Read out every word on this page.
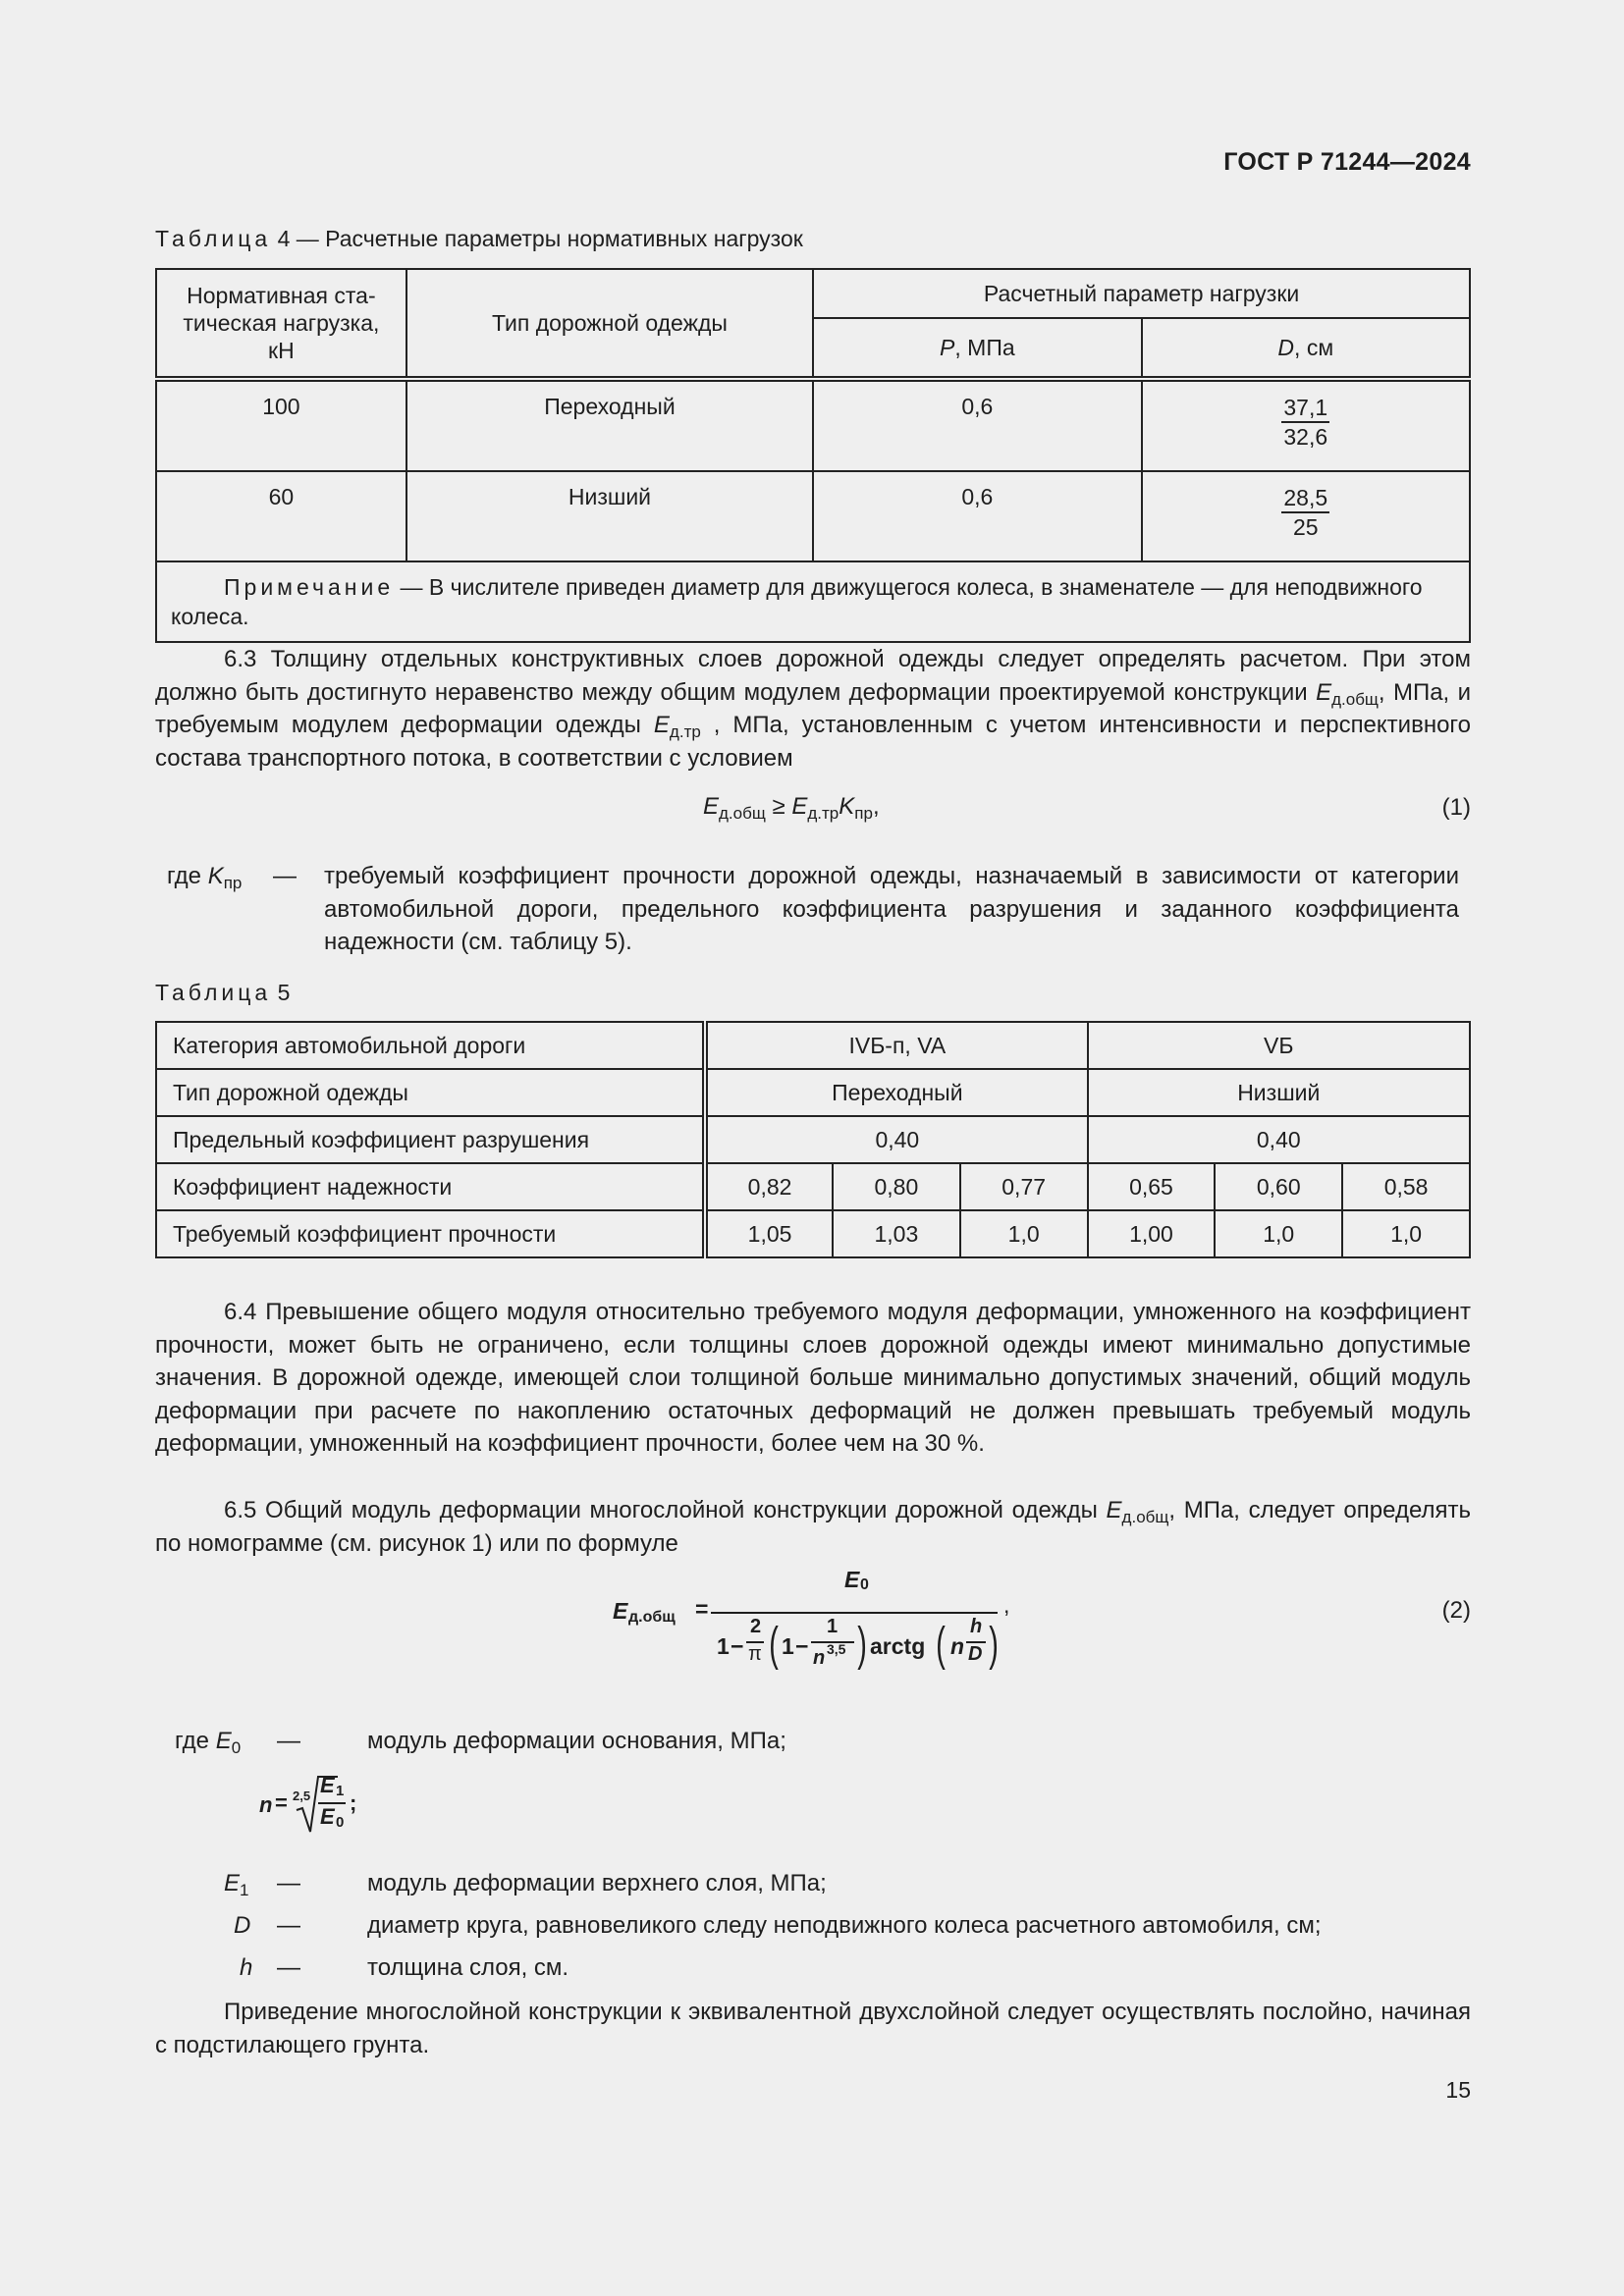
ГОСТ Р 71244—2024
Таблица 4 — Расчетные параметры нормативных нагрузок
Нормативная ста-
тическая нагрузка,
кН	Тип дорожной одежды	Расчетный параметр нагрузки	
		P, МПа	D, см
100	Переходный	0,6	$\frac{37,1}{32,6}$

60	Низший	0,6	$\frac{28,5}{25}$

Примечание — В числителе приведен диаметр для движущегося колеса, в знаменателе — для неподвижного колеса.			
6.3 Толщину отдельных конструктивных слоев дорожной одежды следует определять расчетом. При этом должно быть достигнуто неравенство между общим модулем деформации проектируемой конструкции $E_{д.общ}$, МПа, и требуемым модулем деформации одежды $E_{д.тр}$ , МПа, установленным с учетом интенсивности и перспективного состава транспортного потока, в соответствии с условием
$E_{д.общ} \ge E_{д.тр}K_{пр}$,	(1)
где $K_{пр}$ — требуемый коэффициент прочности дорожной одежды, назначаемый в зависимости от категории автомобильной дороги, предельного коэффициента разрушения и заданного коэффициента надежности (см. таблицу 5).
Таблица 5
Категория автомобильной дороги	IVБ-п, VA			VБ		
Тип дорожной одежды	Переходный			Низший		
Предельный коэффициент разрушения	0,40			0,40		
Коэффициент надежности	0,82	0,80	0,77	0,65	0,60	0,58
Требуемый коэффициент прочности	1,05	1,03	1,0	1,00	1,0	1,0
6.4 Превышение общего модуля относительно требуемого модуля деформации, умноженного на коэффициент прочности, может быть не ограничено, если толщины слоев дорожной одежды имеют минимально допустимые значения. В дорожной одежде, имеющей слои толщиной больше минимально допустимых значений, общий модуль деформации при расчете по накоплению остаточных деформаций не должен превышать требуемый модуль деформации, умноженный на коэффициент прочности, более чем на 30 %.
6.5 Общий модуль деформации многослойной конструкции дорожной одежды $E_{д.общ}$, МПа, следует определять по номограмме (см. рисунок 1) или по формуле
E д.общ =
E 0
1 −
2
π ( 1 −
1
n 3,5 ) arctg ( n
h
D )
,	(2)
где $E_0$ —	модуль деформации основания, МПа;
n = 2,5 E 1
E 0
;
$E_1$ —	модуль деформации верхнего слоя, МПа;
D —	диаметр круга, равновеликого следу неподвижного колеса расчетного автомобиля, см;
h —	толщина слоя, см.
Приведение многослойной конструкции к эквивалентной двухслойной следует осуществлять послойно, начиная с подстилающего грунта.
15
